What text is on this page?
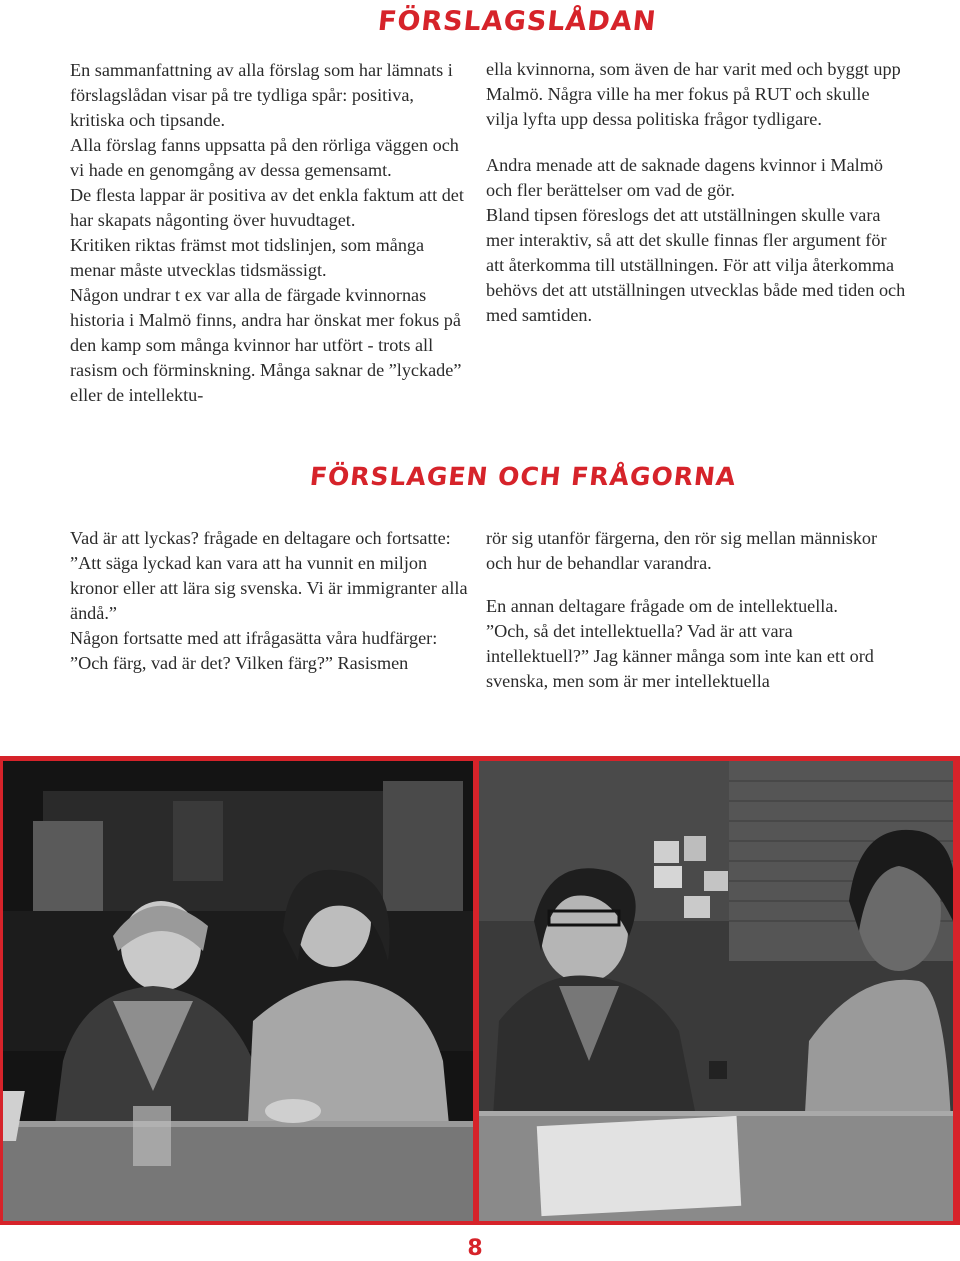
FÖRSLAGSLÅDAN

En sammanfattning av alla förslag som har lämnats i förslagslådan visar på tre tydliga spår: positiva, kritiska och tipsande.

Alla förslag fanns uppsatta på den rörliga väggen och vi hade en genomgång av dessa gemensamt.

De flesta lappar är positiva av det enkla faktum att det har skapats någonting över huvudtaget.

Kritiken riktas främst mot tidslinjen, som många menar måste utvecklas tidsmässigt.

Någon undrar t ex var alla de färgade kvinnornas historia i Malmö finns, andra har önskat mer fokus på den kamp som många kvinnor har utfört - trots all rasism och förminskning. Många saknar de ”lyckade” eller de intellektu-

ella kvinnorna, som även de har varit med och byggt upp Malmö. Några ville ha mer fokus på RUT och skulle vilja lyfta upp dessa politiska frågor tydligare.

Andra menade att de saknade dagens kvinnor i Malmö och fler berättelser om vad de gör.

Bland tipsen föreslogs det att utställningen skulle vara mer interaktiv, så att det skulle finnas fler argument för att återkomma till utställningen. För att vilja återkomma behövs det att utställningen utvecklas både med tiden och med samtiden.

FÖRSLAGEN OCH FRÅGORNA

Vad är att lyckas? frågade en deltagare och fortsatte:

”Att säga lyckad kan vara att ha vunnit en miljon kronor eller att lära sig svenska. Vi är immigranter alla ändå.”

Någon fortsatte med att ifrågasätta våra hudfärger:

”Och färg, vad är det? Vilken färg?” Rasismen

rör sig utanför färgerna, den rör sig mellan människor och hur de behandlar varandra.

En annan deltagare frågade om de intellektuella.

”Och, så det intellektuella? Vad är att vara intellektuell?” Jag känner många som inte kan ett ord svenska, men som är mer intellektuella

8
